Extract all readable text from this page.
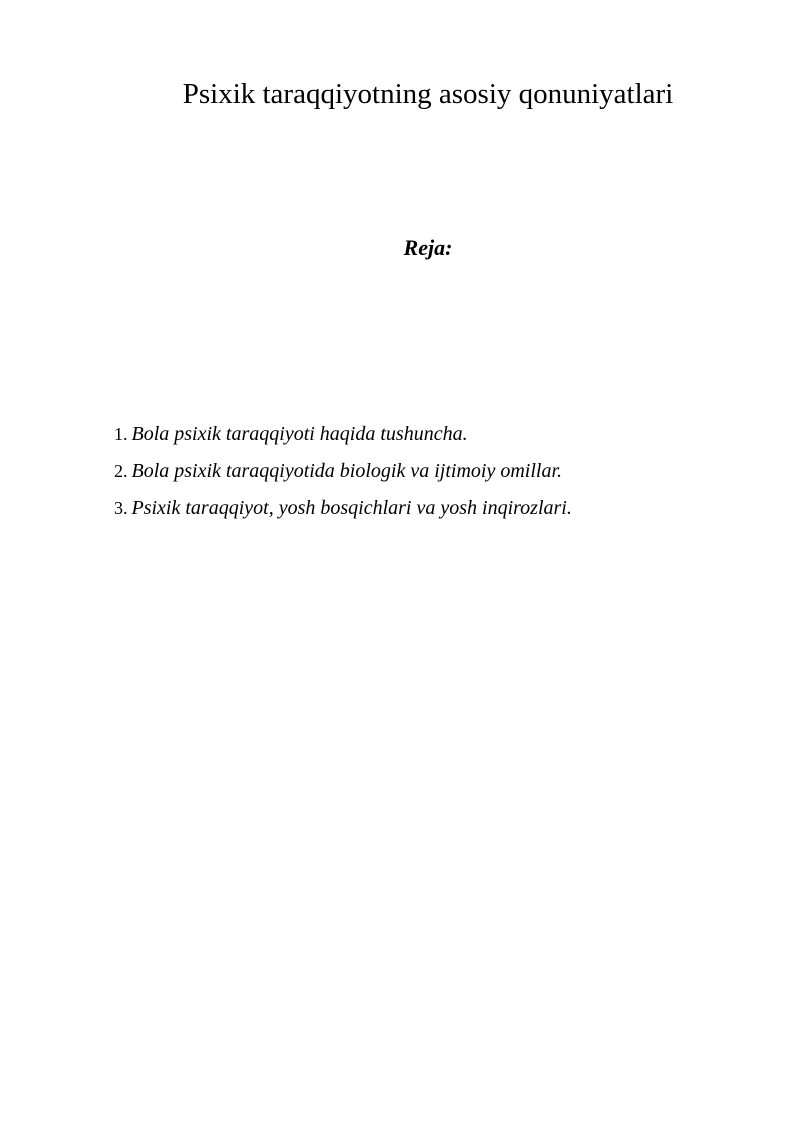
Psixik taraqqiyotning asosiy qonuniyatlari
Reja:
1. Bola psixik taraqqiyoti haqida tushuncha.
2. Bola psixik taraqqiyotida biologik va ijtimoiy omillar.
3. Psixik taraqqiyot, yosh bosqichlari va yosh inqirozlari.
